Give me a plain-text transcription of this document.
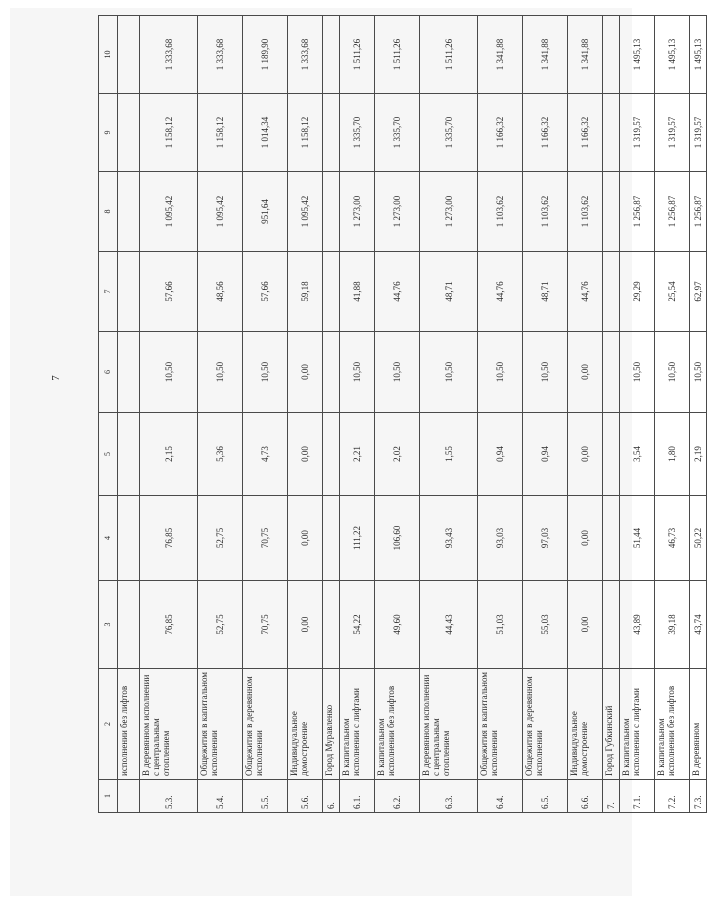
7
1	2	3	4	5	6	7	8	9	10
	исполнении без лифтов								
5.3.	В деревянном исполнении с центральным отоплением	76,85	76,85	2,15	10,50	57,66	1 095,42	1 158,12	1 333,68
5.4.	Общежития в капитальном исполнении	52,75	52,75	5,36	10,50	48,56	1 095,42	1 158,12	1 333,68
5.5.	Общежития в деревянном исполнении	70,75	70,75	4,73	10,50	57,66	951,64	1 014,34	1 189,90
5.6.	Индивидуальное домостроение	0,00	0,00	0,00	0,00	59,18	1 095,42	1 158,12	1 333,68
6.	Город Муравленко								
6.1.	В капитальном исполнении с лифтами	54,22	111,22	2,21	10,50	41,88	1 273,00	1 335,70	1 511,26
6.2.	В капитальном исполнении без лифтов	49,60	106,60	2,02	10,50	44,76	1 273,00	1 335,70	1 511,26
6.3.	В деревянном исполнении с центральным отоплением	44,43	93,43	1,55	10,50	48,71	1 273,00	1 335,70	1 511,26
6.4.	Общежития в капитальном исполнении	51,03	93,03	0,94	10,50	44,76	1 103,62	1 166,32	1 341,88
6.5.	Общежития в деревянном исполнении	55,03	97,03	0,94	10,50	48,71	1 103,62	1 166,32	1 341,88
6.6.	Индивидуальное домостроение	0,00	0,00	0,00	0,00	44,76	1 103,62	1 166,32	1 341,88
7.	Город Губкинский								
7.1.	В капитальном исполнении с лифтами	43,89	51,44	3,54	10,50	29,29	1 256,87	1 319,57	1 495,13
7.2.	В капитальном исполнении без лифтов	39,18	46,73	1,80	10,50	25,54	1 256,87	1 319,57	1 495,13
7.3.	В деревянном	43,74	50,22	2,19	10,50	62,97	1 256,87	1 319,57	1 495,13
